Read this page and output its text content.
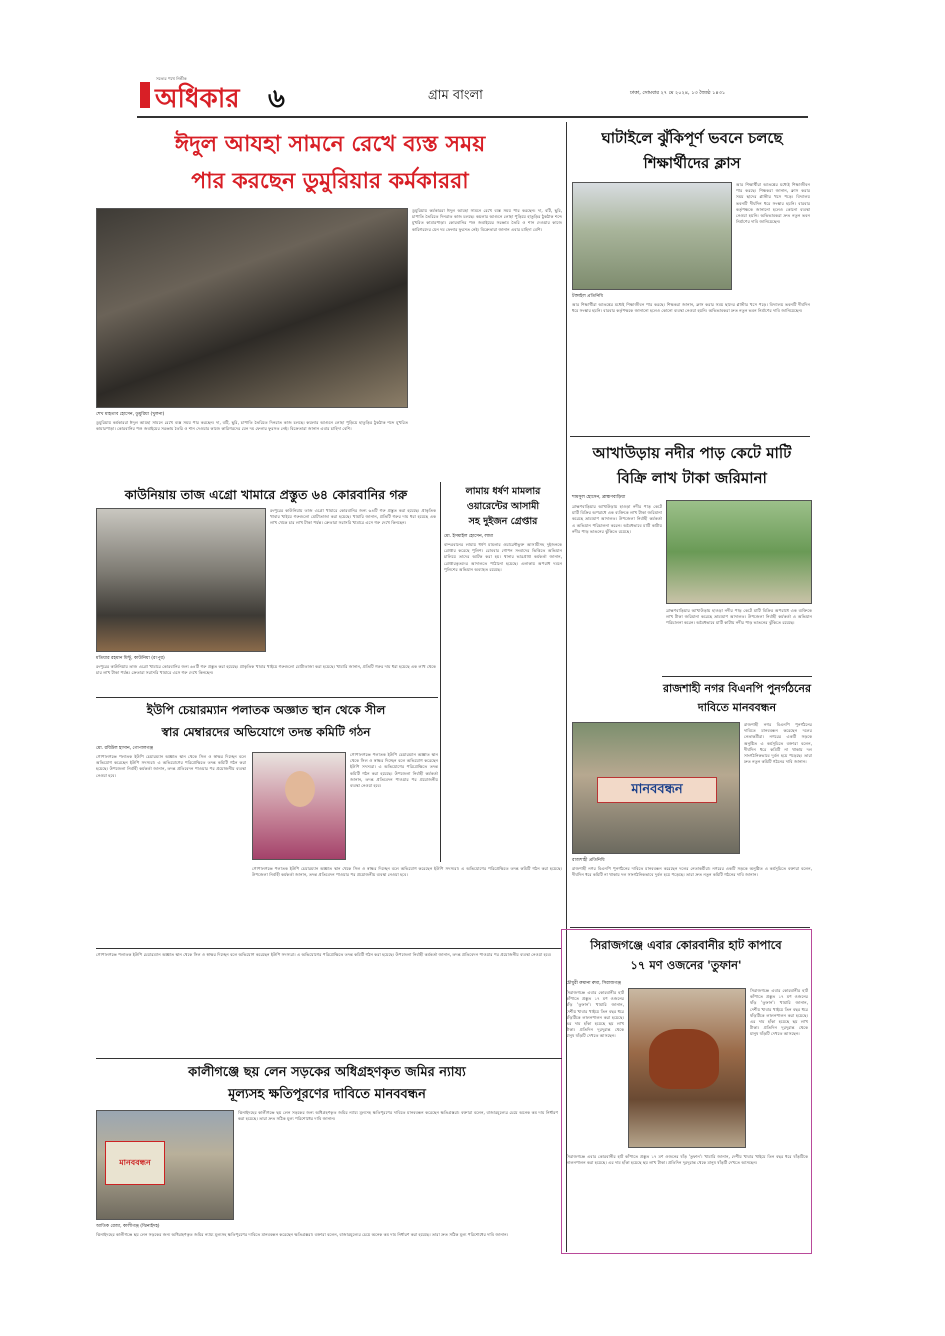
অধিকার
সত্যের পথে নির্ভীক
৬	গ্রাম বাংলা	ঢাকা, সোমবার ২৭ মে ২০২৪, ১৩ জ্যৈষ্ঠ ১৪৩১
ঈদুল আযহা সামনে রেখে ব্যস্ত সময়
পার করছেন ডুমুরিয়ার কর্মকাররা
শেখ মাহতাব হোসেন, ডুমুরিয়া (খুলনা)
ডুমুরিয়ায় কর্মকাররা ঈদুল আযহা সামনে রেখে ব্যস্ত সময় পার করছেন। দা, বটি, ছুরি, চাপাতি তৈরিতে দিনরাত কাজ চলছে। কয়লার আগুনে লোহা পুড়িয়ে হাতুড়ির ঠুকঠাক শব্দে মুখরিত কামারপাড়া। কোরবানির পশু জবাইয়ের সরঞ্জাম তৈরি ও শান দেওয়ার কাজে কারিগরদের যেন দম ফেলার ফুরসত নেই। বিক্রেতারা জানান এবার চাহিদা বেশি।
ডুমুরিয়ায় কর্মকাররা ঈদুল আযহা সামনে রেখে ব্যস্ত সময় পার করছেন। দা, বটি, ছুরি, চাপাতি তৈরিতে দিনরাত কাজ চলছে। কয়লার আগুনে লোহা পুড়িয়ে হাতুড়ির ঠুকঠাক শব্দে মুখরিত কামারপাড়া। কোরবানির পশু জবাইয়ের সরঞ্জাম তৈরি ও শান দেওয়ার কাজে কারিগরদের যেন দম ফেলার ফুরসত নেই। বিক্রেতারা জানান এবার চাহিদা বেশি।
ঘাটাইলে ঝুঁকিপূর্ণ ভবনে চলছে
শিক্ষার্থীদের ক্লাস
টাঙ্গাইল প্রতিনিধি
আর শিক্ষার্থীরা আতঙ্কের মধ্যেই শিক্ষাজীবন পার করছে। শিক্ষকরা জানান, ক্লাস করার সময় ছাদের প্লাস্টার খসে পড়ে। বিদ্যালয় ভবনটি দীর্ঘদিন ধরে সংস্কার হয়নি। বারবার কর্তৃপক্ষকে জানানো হলেও কোনো ব্যবস্থা নেওয়া হয়নি। অভিভাবকরা দ্রুত নতুন ভবন নির্মাণের দাবি জানিয়েছেন।
আর শিক্ষার্থীরা আতঙ্কের মধ্যেই শিক্ষাজীবন পার করছে। শিক্ষকরা জানান, ক্লাস করার সময় ছাদের প্লাস্টার খসে পড়ে। বিদ্যালয় ভবনটি দীর্ঘদিন ধরে সংস্কার হয়নি। বারবার কর্তৃপক্ষকে জানানো হলেও কোনো ব্যবস্থা নেওয়া হয়নি। অভিভাবকরা দ্রুত নতুন ভবন নির্মাণের দাবি জানিয়েছেন।
আখাউড়ায় নদীর পাড় কেটে মাটি
বিক্রি লাখ টাকা জরিমানা
শামসুল হোসেন, ব্রাহ্মণবাড়িয়া
ব্রাহ্মণবাড়িয়ার আখাউড়ায় হাওড়া নদীর পাড় কেটে মাটি বিক্রির অপরাধে এক ব্যক্তিকে লাখ টাকা জরিমানা করেছে ভ্রাম্যমাণ আদালত। উপজেলা নির্বাহী কর্মকর্তা এ অভিযান পরিচালনা করেন। অবৈধভাবে মাটি কাটায় নদীর পাড় ভাঙনের ঝুঁকিতে রয়েছে।
ব্রাহ্মণবাড়িয়ার আখাউড়ায় হাওড়া নদীর পাড় কেটে মাটি বিক্রির অপরাধে এক ব্যক্তিকে লাখ টাকা জরিমানা করেছে ভ্রাম্যমাণ আদালত। উপজেলা নির্বাহী কর্মকর্তা এ অভিযান পরিচালনা করেন। অবৈধভাবে মাটি কাটায় নদীর পাড় ভাঙনের ঝুঁকিতে রয়েছে।
রাজশাহী নগর বিএনপি পুনর্গঠনের
দাবিতে মানববন্ধন
মানববন্ধন
রাজশাহী প্রতিনিধি
রাজশাহী নগর বিএনপি পুনর্গঠনের দাবিতে মানববন্ধন করেছেন দলের নেতাকর্মীরা। নগরের একটি সড়কে অনুষ্ঠিত এ কর্মসূচিতে বক্তারা বলেন, দীর্ঘদিন ধরে কমিটি না থাকায় দল সাংগঠনিকভাবে দুর্বল হয়ে পড়েছে। তারা দ্রুত নতুন কমিটি গঠনের দাবি জানান।
রাজশাহী নগর বিএনপি পুনর্গঠনের দাবিতে মানববন্ধন করেছেন দলের নেতাকর্মীরা। নগরের একটি সড়কে অনুষ্ঠিত এ কর্মসূচিতে বক্তারা বলেন, দীর্ঘদিন ধরে কমিটি না থাকায় দল সাংগঠনিকভাবে দুর্বল হয়ে পড়েছে। তারা দ্রুত নতুন কমিটি গঠনের দাবি জানান।
কাউনিয়ায় তাজ এগ্রো খামারে প্রস্তুত ৬৪ কোরবানির গরু
মতিয়ার রহমান মিন্টু, কাউনিয়া (রংপুর)
রংপুরের কাউনিয়ায় তাজ এগ্রো খামারে কোরবানির জন্য ৬৪টি গরু প্রস্তুত করা হয়েছে। প্রাকৃতিক খাবার খাইয়ে গরুগুলো মোটাতাজা করা হয়েছে। খামারি জানান, প্রতিটি গরুর দাম ধরা হয়েছে এক লাখ থেকে চার লাখ টাকা পর্যন্ত। ক্রেতারা সরাসরি খামারে এসে গরু দেখে কিনছেন।
রংপুরের কাউনিয়ায় তাজ এগ্রো খামারে কোরবানির জন্য ৬৪টি গরু প্রস্তুত করা হয়েছে। প্রাকৃতিক খাবার খাইয়ে গরুগুলো মোটাতাজা করা হয়েছে। খামারি জানান, প্রতিটি গরুর দাম ধরা হয়েছে এক লাখ থেকে চার লাখ টাকা পর্যন্ত। ক্রেতারা সরাসরি খামারে এসে গরু দেখে কিনছেন।
লামায় ধর্ষণ মামলার
ওয়ারেন্টের আসামী
সহ দুইজন গ্রেপ্তার
মো. ইসমাইল হোসেন, লামা
বান্দরবানের লামায় ধর্ষণ মামলার ওয়ারেন্টভুক্ত আসামীসহ দুইজনকে গ্রেপ্তার করেছে পুলিশ। রোববার গোপন সংবাদের ভিত্তিতে অভিযান চালিয়ে তাদের আটক করা হয়। থানার ভারপ্রাপ্ত কর্মকর্তা জানান, গ্রেপ্তারকৃতদের আদালতে পাঠানো হয়েছে। এলাকায় অপরাধ দমনে পুলিশের অভিযান অব্যাহত রয়েছে।
ইউপি চেয়ারম্যান পলাতক অজ্ঞাত স্থান থেকে সীল
স্বার মেম্বারদের অভিযোগে তদন্ত কমিটি গঠন
মো. রবিউল হাসান, গোপালগঞ্জ
গোপালগঞ্জে পলাতক ইউপি চেয়ারম্যান অজ্ঞাত স্থান থেকে সিল ও স্বাক্ষর দিচ্ছেন বলে অভিযোগ করেছেন ইউপি সদস্যরা। এ অভিযোগের পরিপ্রেক্ষিতে তদন্ত কমিটি গঠন করা হয়েছে। উপজেলা নির্বাহী কর্মকর্তা জানান, তদন্ত প্রতিবেদন পাওয়ার পর প্রয়োজনীয় ব্যবস্থা নেওয়া হবে।
গোপালগঞ্জে পলাতক ইউপি চেয়ারম্যান অজ্ঞাত স্থান থেকে সিল ও স্বাক্ষর দিচ্ছেন বলে অভিযোগ করেছেন ইউপি সদস্যরা। এ অভিযোগের পরিপ্রেক্ষিতে তদন্ত কমিটি গঠন করা হয়েছে। উপজেলা নির্বাহী কর্মকর্তা জানান, তদন্ত প্রতিবেদন পাওয়ার পর প্রয়োজনীয় ব্যবস্থা নেওয়া হবে।
গোপালগঞ্জে পলাতক ইউপি চেয়ারম্যান অজ্ঞাত স্থান থেকে সিল ও স্বাক্ষর দিচ্ছেন বলে অভিযোগ করেছেন ইউপি সদস্যরা। এ অভিযোগের পরিপ্রেক্ষিতে তদন্ত কমিটি গঠন করা হয়েছে। উপজেলা নির্বাহী কর্মকর্তা জানান, তদন্ত প্রতিবেদন পাওয়ার পর প্রয়োজনীয় ব্যবস্থা নেওয়া হবে।
সিরাজগঞ্জে এবার কোরবানীর হাট কাপাবে
১৭ মণ ওজনের 'তুফান'
চৌধুরী রুমানা রুমা, সিরাজগঞ্জ
সিরাজগঞ্জে এবার কোরবানীর হাট কাঁপাতে প্রস্তুত ১৭ মণ ওজনের ষাঁড় 'তুফান'। খামারি জানান, দেশীয় খাবার খাইয়ে তিন বছর ধরে ষাঁড়টিকে লালনপালন করা হয়েছে। এর দাম হাঁকা হয়েছে ছয় লাখ টাকা। প্রতিদিন দূরদূরান্ত থেকে মানুষ ষাঁড়টি দেখতে আসছেন।
সিরাজগঞ্জে এবার কোরবানীর হাট কাঁপাতে প্রস্তুত ১৭ মণ ওজনের ষাঁড় 'তুফান'। খামারি জানান, দেশীয় খাবার খাইয়ে তিন বছর ধরে ষাঁড়টিকে লালনপালন করা হয়েছে। এর দাম হাঁকা হয়েছে ছয় লাখ টাকা। প্রতিদিন দূরদূরান্ত থেকে মানুষ ষাঁড়টি দেখতে আসছেন।
সিরাজগঞ্জে এবার কোরবানীর হাট কাঁপাতে প্রস্তুত ১৭ মণ ওজনের ষাঁড় 'তুফান'। খামারি জানান, দেশীয় খাবার খাইয়ে তিন বছর ধরে ষাঁড়টিকে লালনপালন করা হয়েছে। এর দাম হাঁকা হয়েছে ছয় লাখ টাকা। প্রতিদিন দূরদূরান্ত থেকে মানুষ ষাঁড়টি দেখতে আসছেন।
কালীগঞ্জে ছয় লেন সড়কের অধিগ্রহণকৃত জমির ন্যায্য
মূল্যসহ ক্ষতিপূরণের দাবিতে মানববন্ধন
মানববন্ধন
আতিক রেজা, কালীগঞ্জ (ঝিনাইদহ)
ঝিনাইদহের কালীগঞ্জে ছয় লেন সড়কের জন্য অধিগ্রহণকৃত জমির ন্যায্য মূল্যসহ ক্ষতিপূরণের দাবিতে মানববন্ধন করেছেন ক্ষতিগ্রস্তরা। বক্তারা বলেন, বাজারমূল্যের চেয়ে অনেক কম দাম নির্ধারণ করা হয়েছে। তারা দ্রুত সঠিক মূল্য পরিশোধের দাবি জানান।
ঝিনাইদহের কালীগঞ্জে ছয় লেন সড়কের জন্য অধিগ্রহণকৃত জমির ন্যায্য মূল্যসহ ক্ষতিপূরণের দাবিতে মানববন্ধন করেছেন ক্ষতিগ্রস্তরা। বক্তারা বলেন, বাজারমূল্যের চেয়ে অনেক কম দাম নির্ধারণ করা হয়েছে। তারা দ্রুত সঠিক মূল্য পরিশোধের দাবি জানান।
গোপালগঞ্জে পলাতক ইউপি চেয়ারম্যান অজ্ঞাত স্থান থেকে সিল ও স্বাক্ষর দিচ্ছেন বলে অভিযোগ করেছেন ইউপি সদস্যরা। এ অভিযোগের পরিপ্রেক্ষিতে তদন্ত কমিটি গঠন করা হয়েছে। উপজেলা নির্বাহী কর্মকর্তা জানান, তদন্ত প্রতিবেদন পাওয়ার পর প্রয়োজনীয় ব্যবস্থা নেওয়া হবে।
